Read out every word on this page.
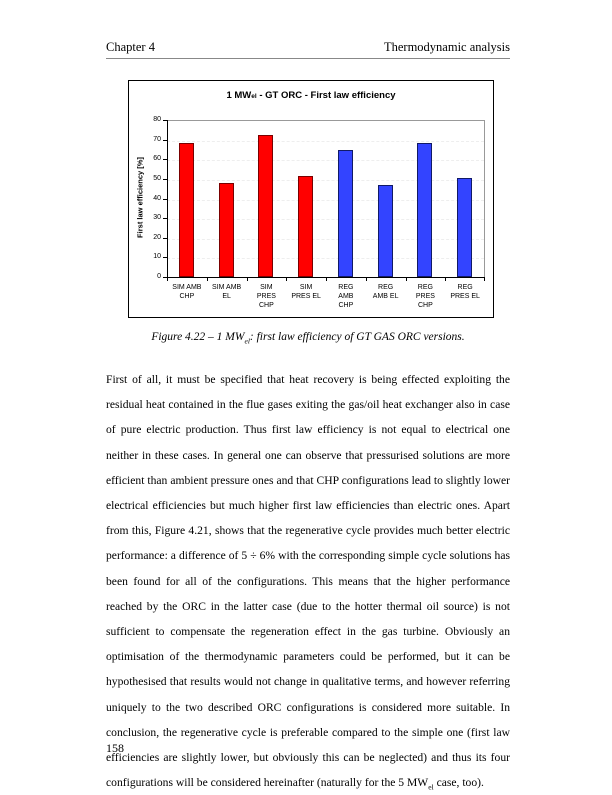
Chapter 4	Thermodynamic analysis
1 MWel - GT ORC - First law efficiency
First law efficiency [%]
0
10
20
30
40
50
60
70
80
SIM AMB
CHP
SIM AMB
EL
SIM
PRES
CHP
SIM
PRES EL
REG
AMB
CHP
REG
AMB EL
REG
PRES
CHP
REG
PRES EL
Figure 4.22 – 1 $MW_{el}$: first law efficiency of GT GAS ORC versions.
First of all, it must be specified that heat recovery is being effected exploiting the residual heat contained in the flue gases exiting the gas/oil heat exchanger also in case of pure electric production. Thus first law efficiency is not equal to electrical one neither in these cases. In general one can observe that pressurised solutions are more efficient than ambient pressure ones and that CHP configurations lead to slightly lower electrical efficiencies but much higher first law efficiencies than electric ones. Apart from this, Figure 4.21, shows that the regenerative cycle provides much better electric performance: a difference of 5 ÷ 6% with the corresponding simple cycle solutions has been found for all of the configurations. This means that the higher performance reached by the ORC in the latter case (due to the hotter thermal oil source) is not sufficient to compensate the regeneration effect in the gas turbine. Obviously an optimisation of the thermodynamic parameters could be performed, but it can be hypothesised that results would not change in qualitative terms, and however referring uniquely to the two described ORC configurations is considered more suitable. In conclusion, the regenerative cycle is preferable compared to the simple one (first law efficiencies are slightly lower, but obviously this can be neglected) and thus its four configurations will be considered hereinafter (naturally for the 5 $MW_{el}$ case, too).
158
